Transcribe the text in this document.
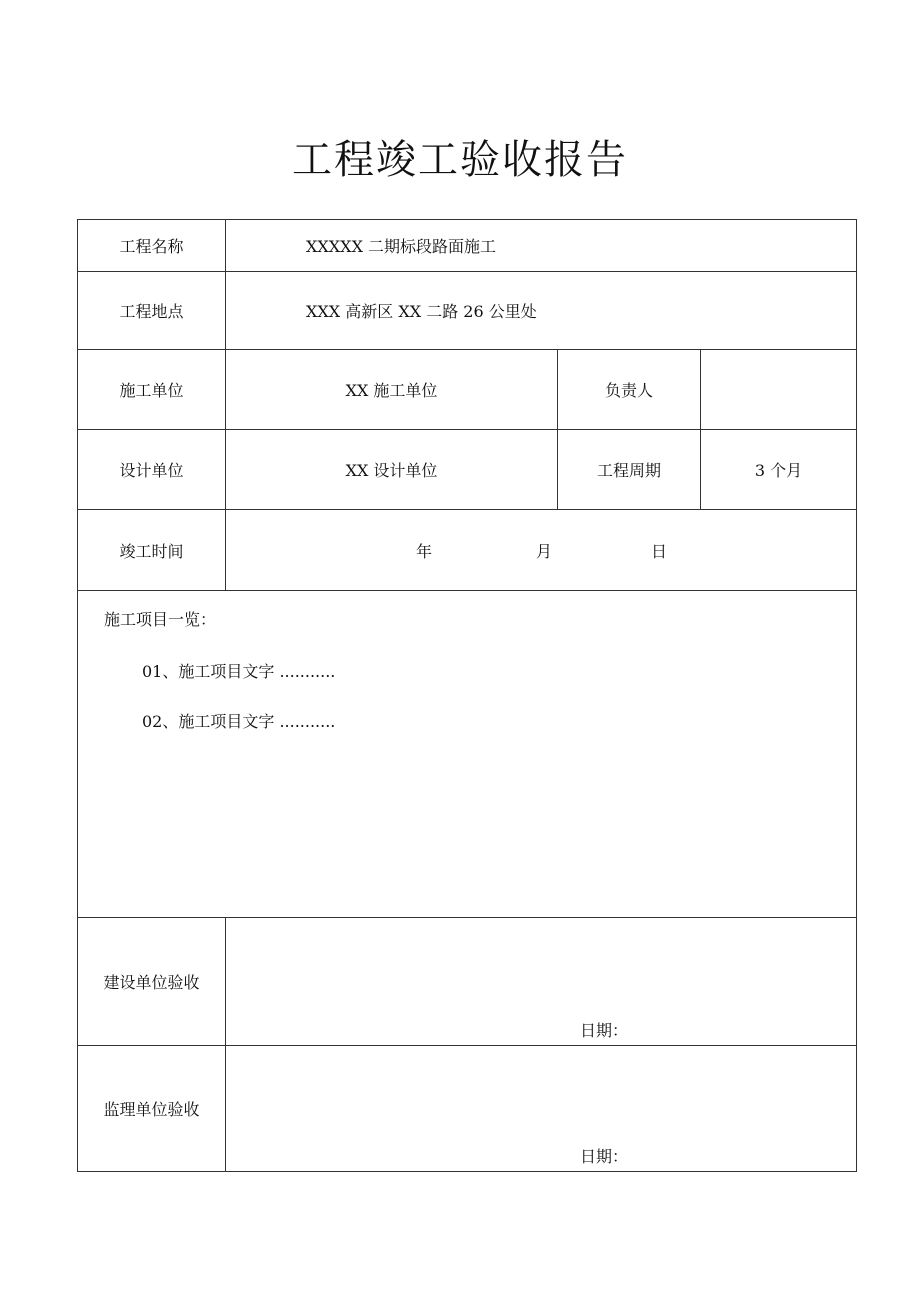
工程竣工验收报告
工程名称	XXXXX 二期标段路面施工
工程地点	XXX 高新区 XX 二路 26 公里处
施工单位	XX 施工单位	负责人
设计单位	XX 设计单位	工程周期	3 个月
竣工时间	年	月	日
施工项目一览：
01、施工项目文字 ...........
02、施工项目文字 ...........
建设单位验收
日期：
监理单位验收
日期：
